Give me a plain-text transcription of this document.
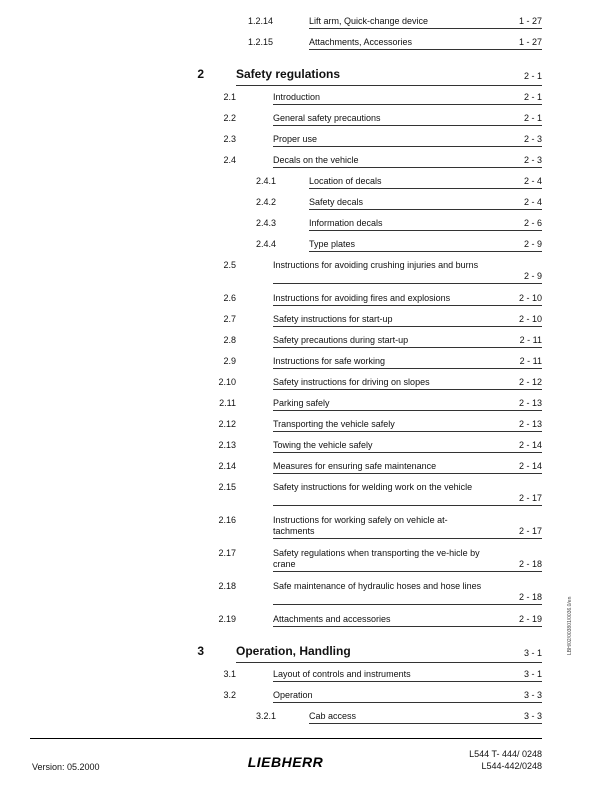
1.2.14	Lift arm, Quick-change device	1 - 27
1.2.15	Attachments, Accessories	1 - 27
2	Safety regulations	2 - 1
2.1	Introduction	2 - 1
2.2	General safety precautions	2 - 1
2.3	Proper use	2 - 3
2.4	Decals on the vehicle	2 - 3
2.4.1	Location of decals	2 - 4
2.4.2	Safety decals	2 - 4
2.4.3	Information decals	2 - 6
2.4.4	Type plates	2 - 9
2.5	Instructions for avoiding crushing injuries and burns
2 - 9
2.6	Instructions for avoiding fires and explosions	2 - 10
2.7	Safety instructions for start-up	2 - 10
2.8	Safety precautions during start-up	2 - 11
2.9	Instructions for safe working	2 - 11
2.10	Safety instructions for driving on slopes	2 - 12
2.11	Parking safely	2 - 13
2.12	Transporting the vehicle safely	2 - 13
2.13	Towing the vehicle safely	2 - 14
2.14	Measures for ensuring safe maintenance	2 - 14
2.15	Safety instructions for welding work on the vehicle
2 - 17
2.16	Instructions for working safely on vehicle at-tachments	2 - 17
2.17	Safety regulations when transporting the ve-hicle by crane	2 - 18
2.18	Safe maintenance of hydraulic hoses and hose lines
2 - 18
2.19	Attachments and accessories	2 - 19
3	Operation, Handling	3 - 1
3.1	Layout of controls and instruments	3 - 1
3.2	Operation	3 - 3
3.2.1	Cab access	3 - 3
Version: 05.2000	LIEBHERR	L544 T- 444/ 0248
L544-442/0248
LBH/02/003801/0036.0/en
